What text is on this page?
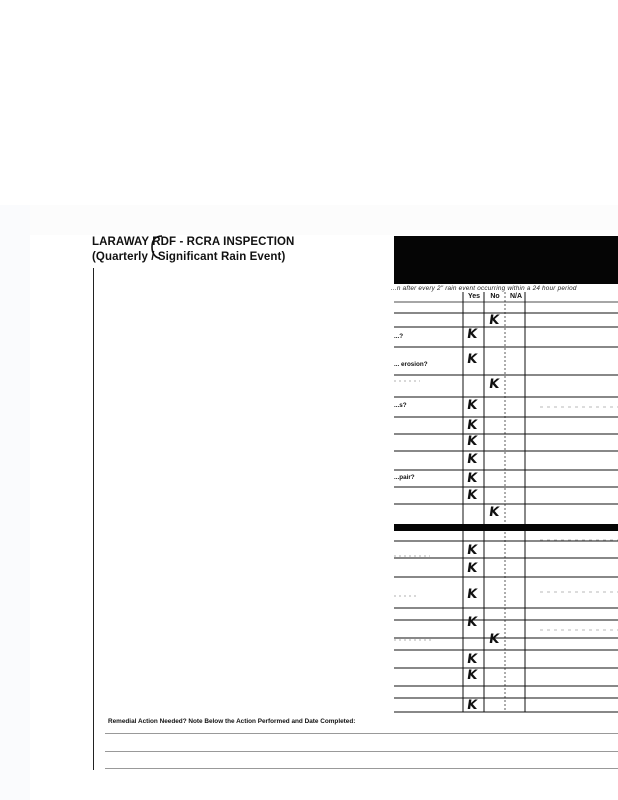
LARAWAY RDF - RCRA INSPECTION
(Quarterly / Significant Rain Event)
...n after every 2" rain event occurring within a 24 hour period
Yes	No	N/A
...?
... erosion?
...s?
...pair?
K
K
K
K
K
K
K
K
K
K
K
K
K
K
K
K
K
K
K
Remedial Action Needed? Note Below the Action Performed and Date Completed:
